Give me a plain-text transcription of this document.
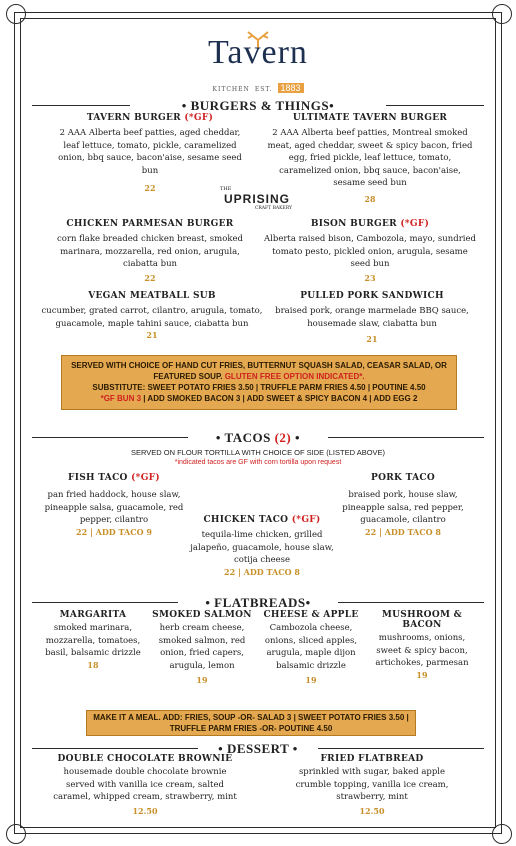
Tavern
KITCHEN EST. 1883
• BURGERS & THINGS•
TAVERN BURGER (*GF)
2 AAA Alberta beef patties, aged cheddar, leaf lettuce, tomato, pickle, caramelized onion, bbq sauce, bacon'aise, sesame seed bun
22
ULTIMATE TAVERN BURGER
2 AAA Alberta beef patties, Montreal smoked meat, aged cheddar, sweet & spicy bacon, fried egg, fried pickle, leaf lettuce, tomato, caramelized onion, bbq sauce, bacon'aise, sesame seed bun
28
THE
UPRISING
CRAFT BAKERY
CHICKEN PARMESAN BURGER
corn flake breaded chicken breast, smoked marinara, mozzarella, red onion, arugula, ciabatta bun
22
BISON BURGER (*GF)
Alberta raised bison, Cambozola, mayo, sundried tomato pesto, pickled onion, arugula, sesame seed bun
23
VEGAN MEATBALL SUB
cucumber, grated carrot, cilantro, arugula, tomato, guacamole, maple tahini sauce, ciabatta bun
21
PULLED PORK SANDWICH
braised pork, orange marmelade BBQ sauce, housemade slaw, ciabatta bun
21
SERVED WITH CHOICE OF HAND CUT FRIES, BUTTERNUT SQUASH SALAD, CEASAR SALAD, OR FEATURED SOUP. GLUTEN FREE OPTION INDICATED*.
SUBSTITUTE: SWEET POTATO FRIES 3.50 | TRUFFLE PARM FRIES 4.50 | POUTINE 4.50
*GF BUN 3 | ADD SMOKED BACON 3 | ADD SWEET & SPICY BACON 4 | ADD EGG 2
• TACOS (2) •
SERVED ON FLOUR TORTILLA WITH CHOICE OF SIDE (LISTED ABOVE)
*indicated tacos are GF with corn tortilla upon request
FISH TACO (*GF)
pan fried haddock, house slaw, pineapple salsa, guacamole, red pepper, cilantro
22 | ADD TACO 9
CHICKEN TACO (*GF)
tequila-lime chicken, grilled jalapeño, guacamole, house slaw, cotija cheese
22 | ADD TACO 8
PORK TACO
braised pork, house slaw, pineapple salsa, red pepper, guacamole, cilantro
22 | ADD TACO 8
• FLATBREADS•
MARGARITA
smoked marinara, mozzarella, tomatoes, basil, balsamic drizzle
18
SMOKED SALMON
herb cream cheese, smoked salmon, red onion, fried capers, arugula, lemon
19
CHEESE & APPLE
Cambozola cheese, onions, sliced apples, arugula, maple dijon balsamic drizzle
19
MUSHROOM & BACON
mushrooms, onions, sweet & spicy bacon, artichokes, parmesan
19
MAKE IT A MEAL. ADD: FRIES, SOUP -OR- SALAD 3 | SWEET POTATO FRIES 3.50 |
TRUFFLE PARM FRIES -OR- POUTINE 4.50
• DESSERT •
DOUBLE CHOCOLATE BROWNIE
housemade double chocolate brownie served with vanilla ice cream, salted caramel, whipped cream, strawberry, mint
12.50
FRIED FLATBREAD
sprinkled with sugar, baked apple crumble topping, vanilla ice cream, strawberry, mint
12.50
